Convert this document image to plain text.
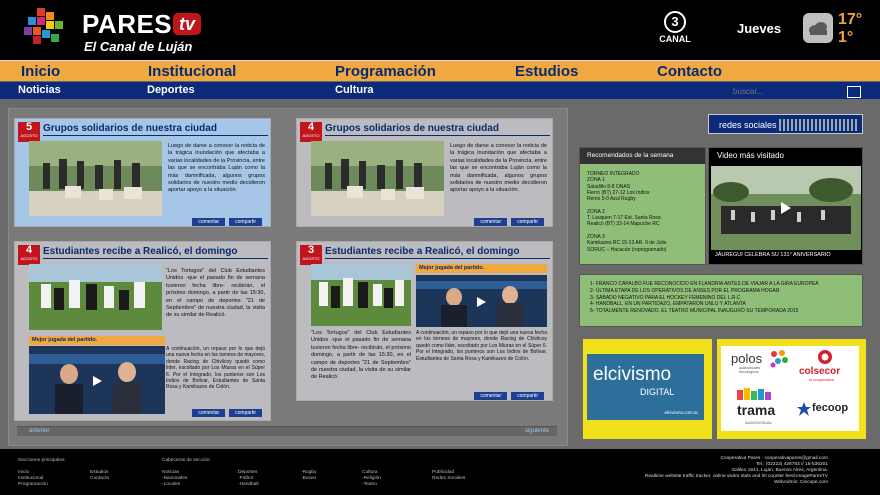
PARES tv
El Canal de Luján
3
CANAL
Jueves
17°
1°
Inicio	Institucional	Programación	Estudios	Contacto
Noticias	Deportes	Cultura
buscar...
5
AGOSTO
Grupos solidarios de nuestra ciudad
Luego de darse a conocer la noticia de la trágica inundación que afectaba a varias localidades de la Provincia, entre las que se encontraba Luján como la más damnificada, algunos grupos solidarios de nuestro medio decidieron aportar apoyo a la situación.
comentar	compartir
4
AGOSTO
Grupos solidarios de nuestra ciudad
Luego de darse a conocer la noticia de la trágica inundación que afectaba a varias localidades de la Provincia, entre las que se encontraba Luján como la más damnificada, algunos grupos solidarios de nuestro medio decidieron aportar apoyo a la situación.
comentar	compartir
4
AGOSTO
Estudiantes recibe a Realicó, el domingo
"Los Tortugos" del Club Estudiantes Unidos -que el pasado fin de semana tuvieron fecha libre- recibirán, el próximo domingo, a partir de las 15:30, en el campo de deportes "21 de Septiembre" de nuestra ciudad, la visita de su similar de Realicó.
Mejor jugada del partido.
A continuación, un repaso por lo que dejó una nueva fecha en los torneos de mayores, donde Racing de Chivilcoy quedó como líder, escoltado por Los Miuras en el Súper 6. Por el Integrado, los punteros son Los Indios de Bolívar, Estudiantes de Santa Rosa y Kamikazes de Colón.
comentar	compartir
3
AGOSTO
Estudiantes recibe a Realicó, el domingo
Mejor jugada del partido.
"Los Tortugos" del Club Estudiantes Unidos -que el pasado fin de semana tuvieron fecha libre- recibirán, el próximo domingo, a partir de las 15:30, en el campo de deportes "21 de Septiembre" de nuestra ciudad, la visita de su similar de Realicó.
A continuación, un repaso por lo que dejó una nueva fecha en los torneos de mayores, donde Racing de Chivilcoy quedó como líder, escoltado por Los Miuras en el Súper 6. Por el Integrado, los punteros son Los Indios de Bolívar, Estudiantes de Santa Rosa y Kamikazes de Colón.
comentar	compartir
anterior	siguiente
redes sociales
Recomendados de la semana
TORNEO INTEGRADO
ZONA 1
Saladillo 8-8 ONAS
Fierro (BT) 27-12 Los Indios
Remo 5-0 Azul Rugby
ZONA 2
T. Lauquen 7-17 Est. Santa Rosa
Realicó (BT) 33-14 Mapuche RC
ZONA 3
Kamikazes RC 15-13 AR. 9 de Julio
SORUC – Hacacán (reprogramado)
Video más visitado
JÁUREGUI CELEBRA SU 131° ANIVERSARIO
1- FRANCO CAPALBO FUE RECONOCIDO EN FLANDRIA ANTES DE VIAJAR A LA GIRA EUROPEA
2- ÚLTIMA ETAPA DE LOS OPERATIVOS DE ANSES POR EL PROGRAMA HOGAR
3- SÁBADO NEGATIVO PARA EL HOCKEY FEMENINO DEL L.R.C.
4- HANDBALL. EN UN PARTIDAZO, EMPATARON UNLU Y ATLANTA
5- TOTALMENTE RENOVADO, EL TEATRO MUNICIPAL INAUGURÓ SU TEMPORADA 2015
elcivismo
DIGITAL
elcivismo.com.ar
polos
audiovisuales tecnológicos	colsecor
tv cooperativa
trama
AUDIOVISUAL
fecoop
Secciones principales:
Inicio
Institucional
Programación
Estudios
Contacto
Cabeceras de sección:
Noticias
-Nacionales
-Locales
Deportes
-Fútbol
-Handball
-Rugby
-Boxeo
Cultura
-Religión
-Teatro
Publicidad
Redes Sociales
Cooperativa Pares · cooperativapares@gmail.com
Tel.: (02323) 428783 // 15-536201
Galileo 1541, Luján, Buenos Aires, Argentina.
Realtime website traffic tracker, online visitor stats and hit counter feed-imageParesTV
WebAdmin: Cincope.com
